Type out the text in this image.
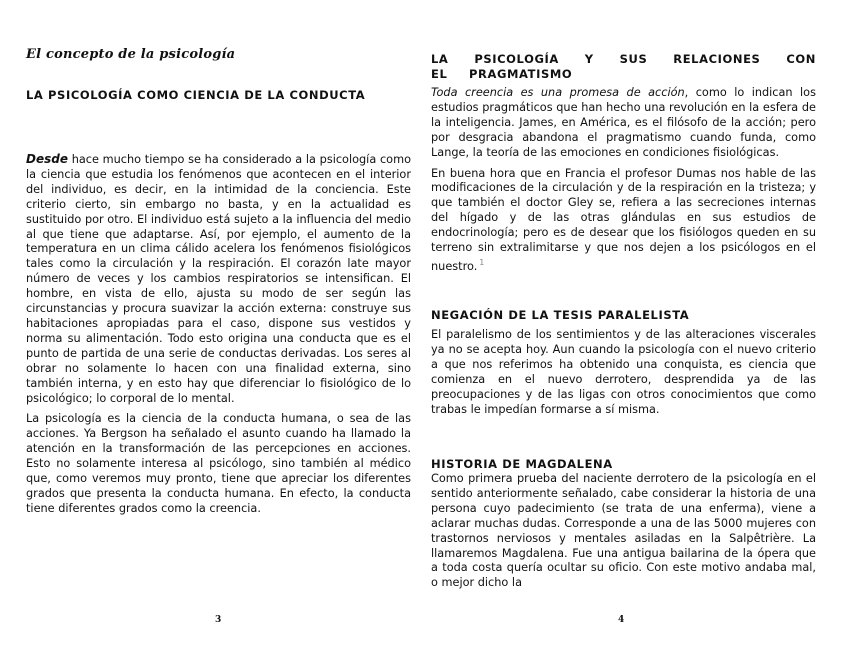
El concepto de la psicología
LA PSICOLOGÍA COMO CIENCIA DE LA CONDUCTA

Desde hace mucho tiempo se ha considerado a la psicología como la ciencia que estudia los fenómenos que acontecen en el interior del individuo, es decir, en la intimidad de la conciencia. Este criterio cierto, sin embargo no basta, y en la actualidad es sustituido por otro. El individuo está sujeto a la influencia del medio al que tiene que adaptarse. Así, por ejemplo, el aumento de la temperatura en un clima cálido acelera los fenómenos fisiológicos tales como la circulación y la respiración. El corazón late mayor número de veces y los cambios respiratorios se intensifican. El hombre, en vista de ello, ajusta su modo de ser según las circunstancias y procura suavizar la acción externa: construye sus habitaciones apropiadas para el caso, dispone sus vestidos y norma su alimentación. Todo esto origina una conducta que es el punto de partida de una serie de conductas derivadas. Los seres al obrar no solamente lo hacen con una finalidad externa, sino también interna, y en esto hay que diferenciar lo fisiológico de lo psicológico; lo corporal de lo mental.

La psicología es la ciencia de la conducta humana, o sea de las acciones. Ya Bergson ha señalado el asunto cuando ha llamado la atención en la transformación de las percepciones en acciones. Esto no solamente interesa al psicólogo, sino también al médico que, como veremos muy pronto, tiene que apreciar los diferentes grados que presenta la conducta humana. En efecto, la conducta tiene diferentes grados como la creencia.

3
LA PSICOLOGÍA Y SUS RELACIONES CON EL PRAGMATISMO

Toda creencia es una promesa de acción, como lo indican los estudios pragmáticos que han hecho una revolución en la esfera de la inteligencia. James, en América, es el filósofo de la acción; pero por desgracia abandona el pragmatismo cuando funda, como Lange, la teoría de las emociones en condiciones fisiológicas.

En buena hora que en Francia el profesor Dumas nos hable de las modificaciones de la circulación y de la respiración en la tristeza; y que también el doctor Gley se, refiera a las secreciones internas del hígado y de las otras glándulas en sus estudios de endocrinología; pero es de desear que los fisiólogos queden en su terreno sin extralimitarse y que nos dejen a los psicólogos en el nuestro. $^1$

NEGACIÓN DE LA TESIS PARALELISTA

El paralelismo de los sentimientos y de las alteraciones viscerales ya no se acepta hoy. Aun cuando la psicología con el nuevo criterio a que nos referimos ha obtenido una conquista, es ciencia que comienza en el nuevo derrotero, desprendida ya de las preocupaciones y de las ligas con otros conocimientos que como trabas le impedían formarse a sí misma.

HISTORIA DE MAGDALENA

Como primera prueba del naciente derrotero de la psicología en el sentido anteriormente señalado, cabe considerar la historia de una persona cuyo padecimiento (se trata de una enferma), viene a aclarar muchas dudas. Corresponde a una de las 5000 mujeres con trastornos nerviosos y mentales asiladas en la Salpêtrière. La llamaremos Magdalena. Fue una antigua bailarina de la ópera que a toda costa quería ocultar su oficio. Con este motivo andaba mal, o mejor dicho la

4
